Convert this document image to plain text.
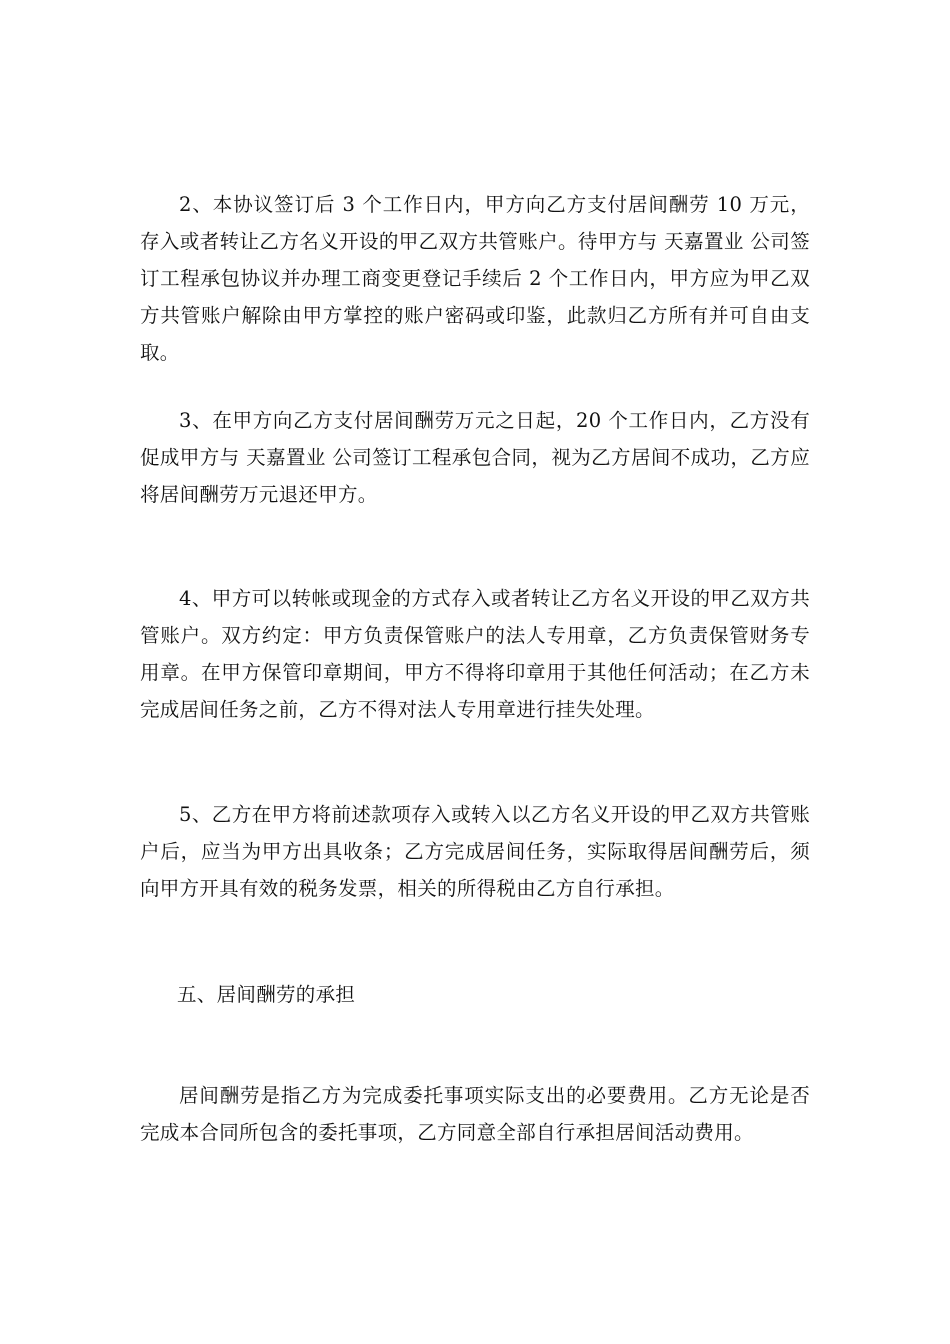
2、本协议签订后 3 个工作日内，甲方向乙方支付居间酬劳 10 万元，存入或者转让乙方名义开设的甲乙双方共管账户。待甲方与 天嘉置业 公司签订工程承包协议并办理工商变更登记手续后 2 个工作日内，甲方应为甲乙双方共管账户解除由甲方掌控的账户密码或印鉴，此款归乙方所有并可自由支取。

3、在甲方向乙方支付居间酬劳万元之日起，20 个工作日内，乙方没有促成甲方与 天嘉置业 公司签订工程承包合同，视为乙方居间不成功，乙方应将居间酬劳万元退还甲方。

4、甲方可以转帐或现金的方式存入或者转让乙方名义开设的甲乙双方共管账户。双方约定：甲方负责保管账户的法人专用章，乙方负责保管财务专用章。在甲方保管印章期间，甲方不得将印章用于其他任何活动；在乙方未完成居间任务之前，乙方不得对法人专用章进行挂失处理。

5、乙方在甲方将前述款项存入或转入以乙方名义开设的甲乙双方共管账户后，应当为甲方出具收条；乙方完成居间任务，实际取得居间酬劳后，须向甲方开具有效的税务发票，相关的所得税由乙方自行承担。

五、居间酬劳的承担

居间酬劳是指乙方为完成委托事项实际支出的必要费用。乙方无论是否完成本合同所包含的委托事项，乙方同意全部自行承担居间活动费用。
